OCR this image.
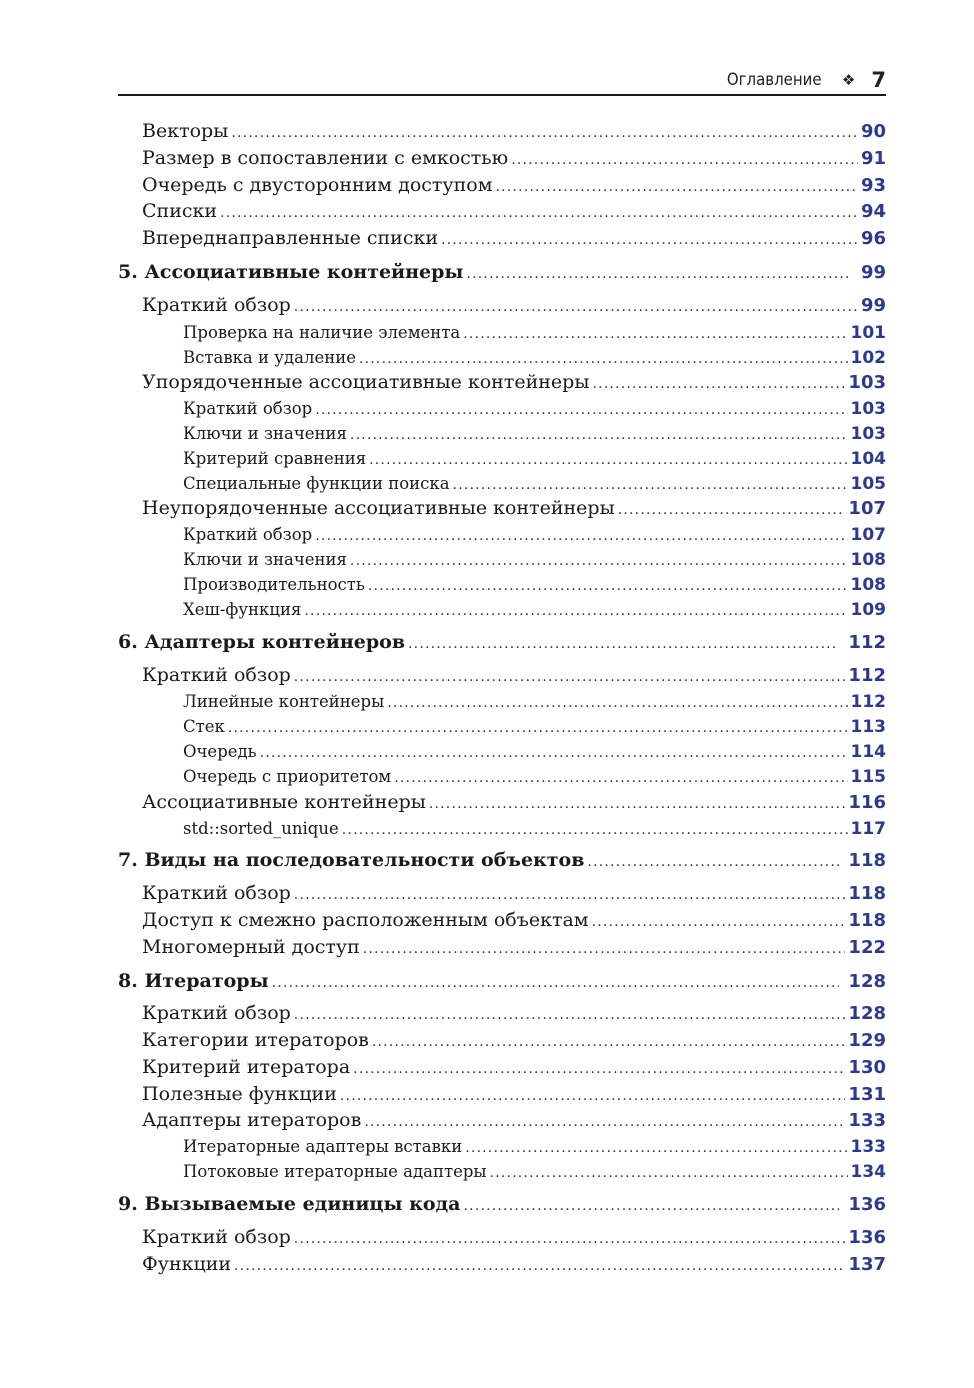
Оглавление ❖ 7
Векторы .....	90
Размер в сопоставлении с емкостью .....	91
Очередь с двусторонним доступом .....	93
Списки .....	94
Впереднаправленные списки .....	96
5. Ассоциативные контейнеры .....	99
Краткий обзор .....	99
Проверка на наличие элемента .....	101
Вставка и удаление .....	102
Упорядоченные ассоциативные контейнеры .....	103
Краткий обзор .....	103
Ключи и значения .....	103
Критерий сравнения .....	104
Специальные функции поиска .....	105
Неупорядоченные ассоциативные контейнеры .....	107
Краткий обзор .....	107
Ключи и значения .....	108
Производительность .....	108
Хеш-функция .....	109
6. Адаптеры контейнеров .....	112
Краткий обзор .....	112
Линейные контейнеры .....	112
Стек .....	113
Очередь .....	114
Очередь с приоритетом .....	115
Ассоциативные контейнеры .....	116
std::sorted_unique .....	117
7. Виды на последовательности объектов .....	118
Краткий обзор .....	118
Доступ к смежно расположенным объектам .....	118
Многомерный доступ .....	122
8. Итераторы .....	128
Краткий обзор .....	128
Категории итераторов .....	129
Критерий итератора .....	130
Полезные функции .....	131
Адаптеры итераторов .....	133
Итераторные адаптеры вставки .....	133
Потоковые итераторные адаптеры .....	134
9. Вызываемые единицы кода .....	136
Краткий обзор .....	136
Функции .....	137
